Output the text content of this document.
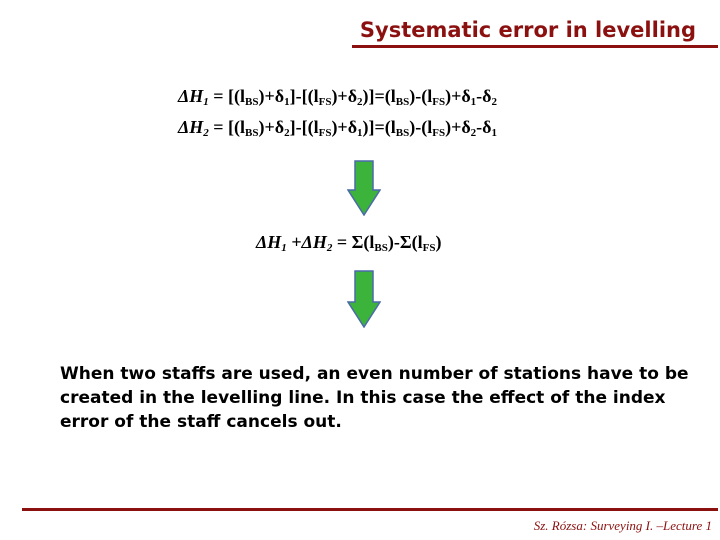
Systematic error in levelling
$\Delta H_1 = [(l_{BS})+\delta_1]-[(l_{FS})+\delta_2)]=(l_{BS})-(l_{FS})+\delta_1-\delta_2$
$\Delta H_2 = [(l_{BS})+\delta_2]-[(l_{FS})+\delta_1)]=(l_{BS})-(l_{FS})+\delta_2-\delta_1$
$\Delta H_1 +\Delta H_2 = \Sigma(l_{BS})-\Sigma(l_{FS})$
When two staffs are used, an even number of stations have to be created in the levelling line. In this case the effect of the index error of the staff cancels out.
Sz. Rózsa: Surveying I. –Lecture 1
